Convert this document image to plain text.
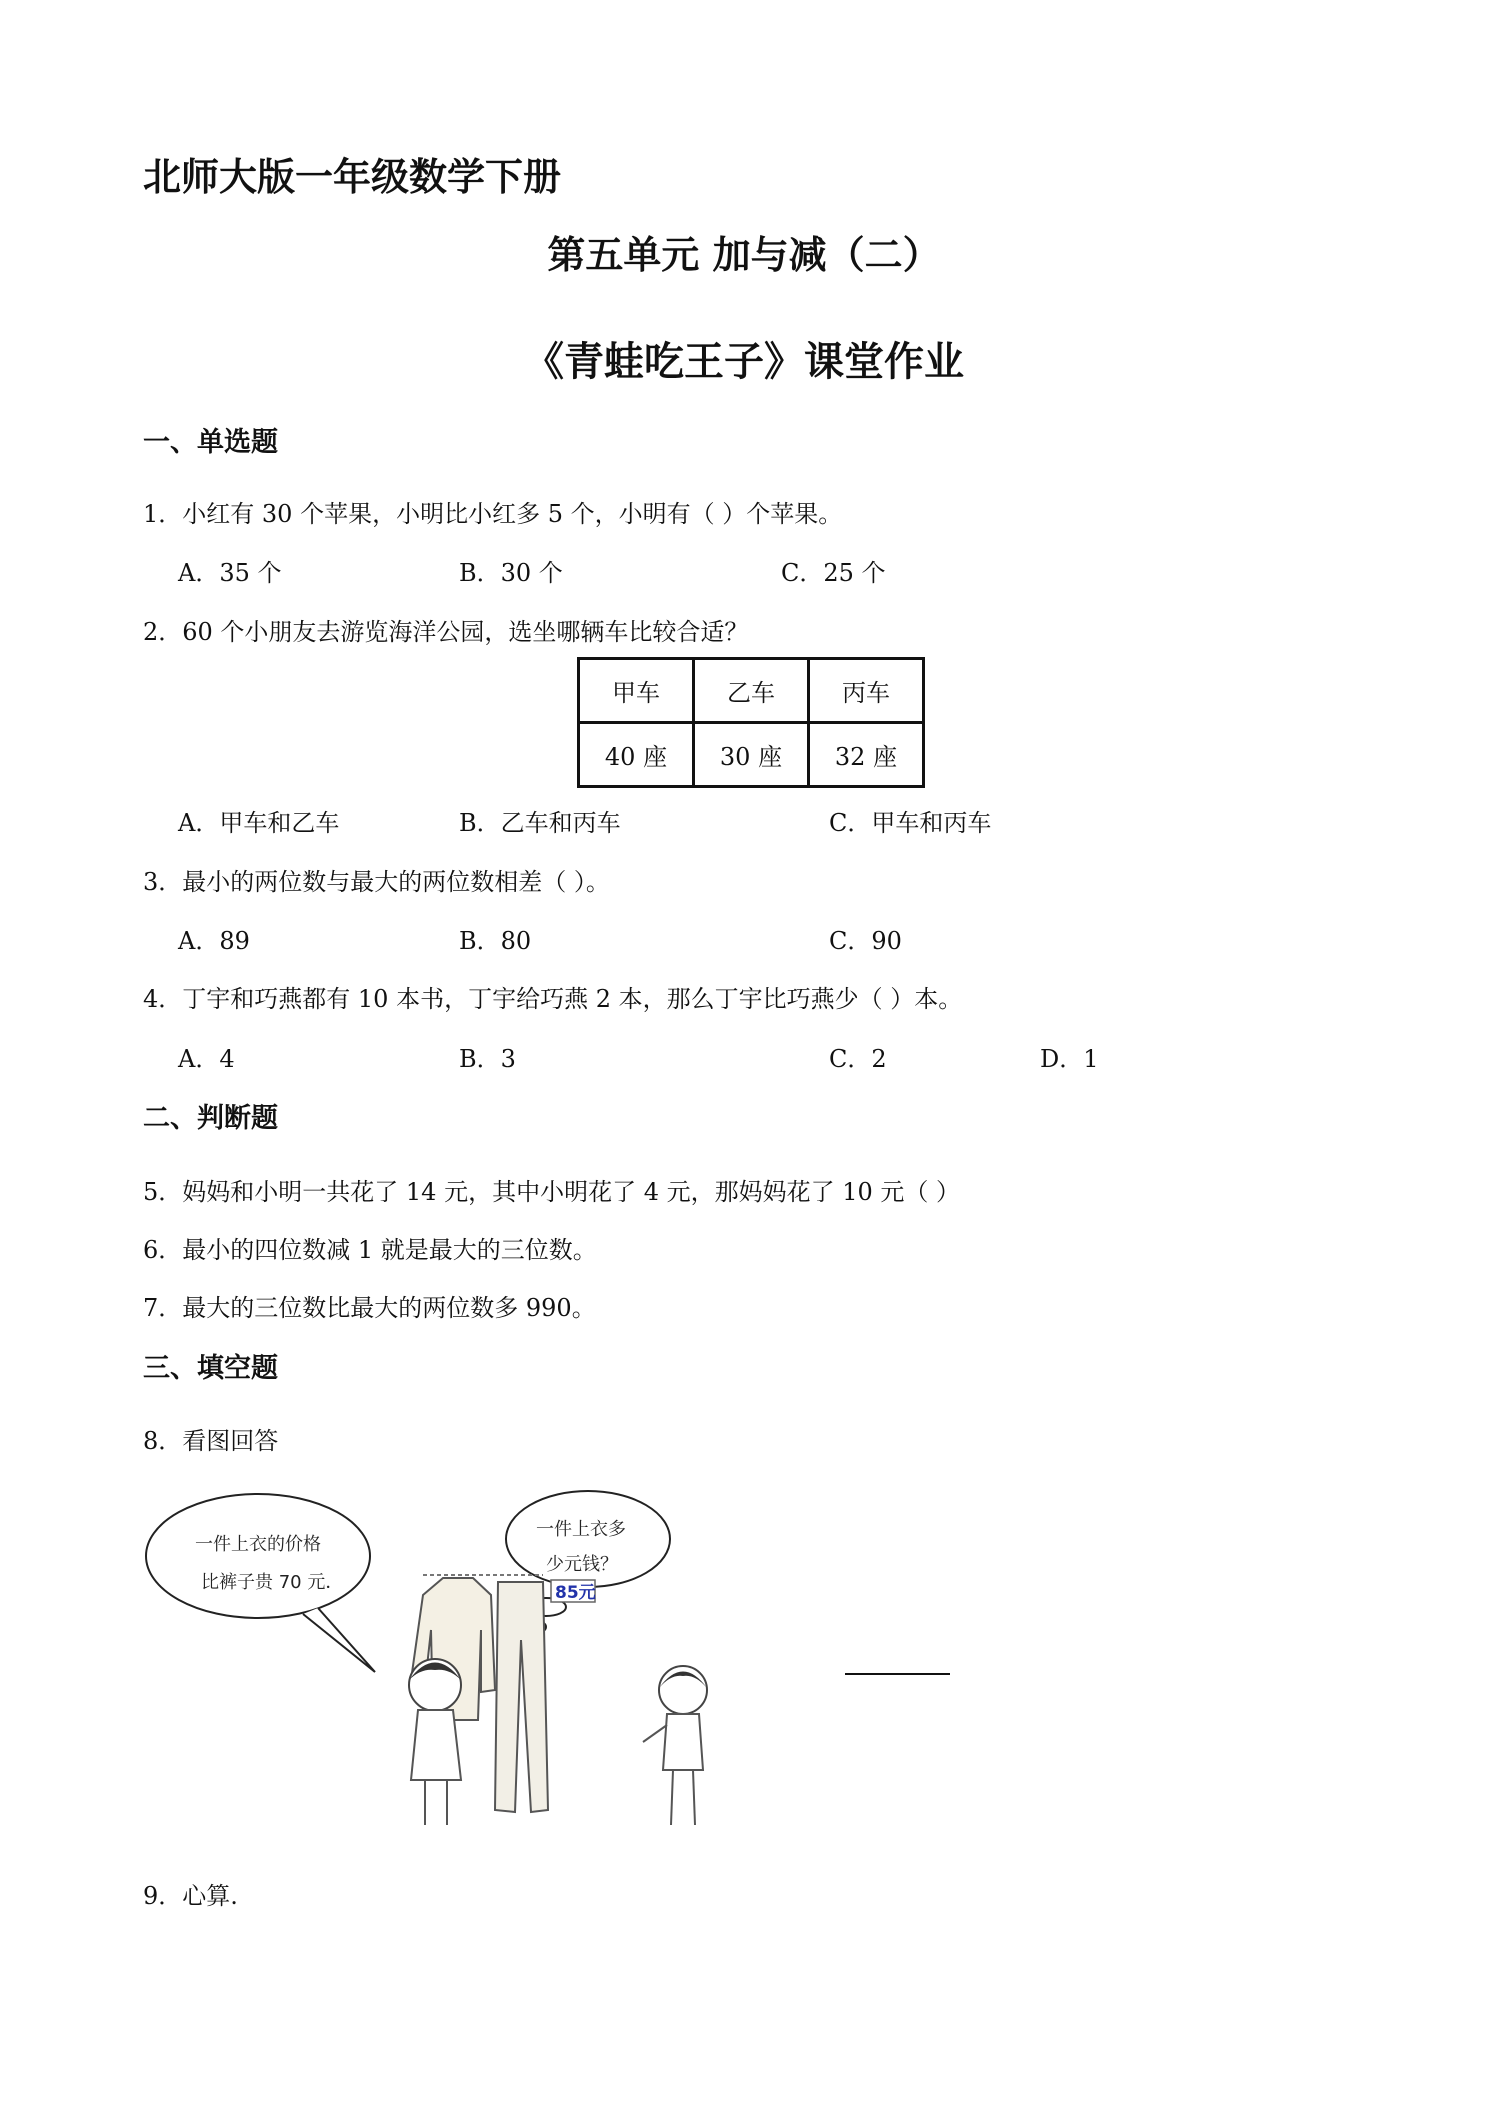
北师大版一年级数学下册
第五单元 加与减（二）
《青蛙吃王子》课堂作业
一、单选题
1．小红有 30 个苹果，小明比小红多 5 个，小明有（ ）个苹果。
A．35 个	B．30 个	C．25 个
2．60 个小朋友去游览海洋公园，选坐哪辆车比较合适？
甲车	乙车	丙车
40 座	30 座	32 座
A．甲车和乙车	B．乙车和丙车	C．甲车和丙车
3．最小的两位数与最大的两位数相差（ ）。
A．89	B．80	C．90
4．丁宇和巧燕都有 10 本书，丁宇给巧燕 2 本，那么丁宇比巧燕少（ ）本。
A．4	B．3	C．2	D．1
二、判断题
5．妈妈和小明一共花了 14 元，其中小明花了 4 元，那妈妈花了 10 元（ ）
6．最小的四位数减 1 就是最大的三位数。
7．最大的三位数比最大的两位数多 990。
三、填空题
8．看图回答
一件上衣的价格
比裤子贵 70 元．
一件上衣多
少元钱？
85元
9．心算.
